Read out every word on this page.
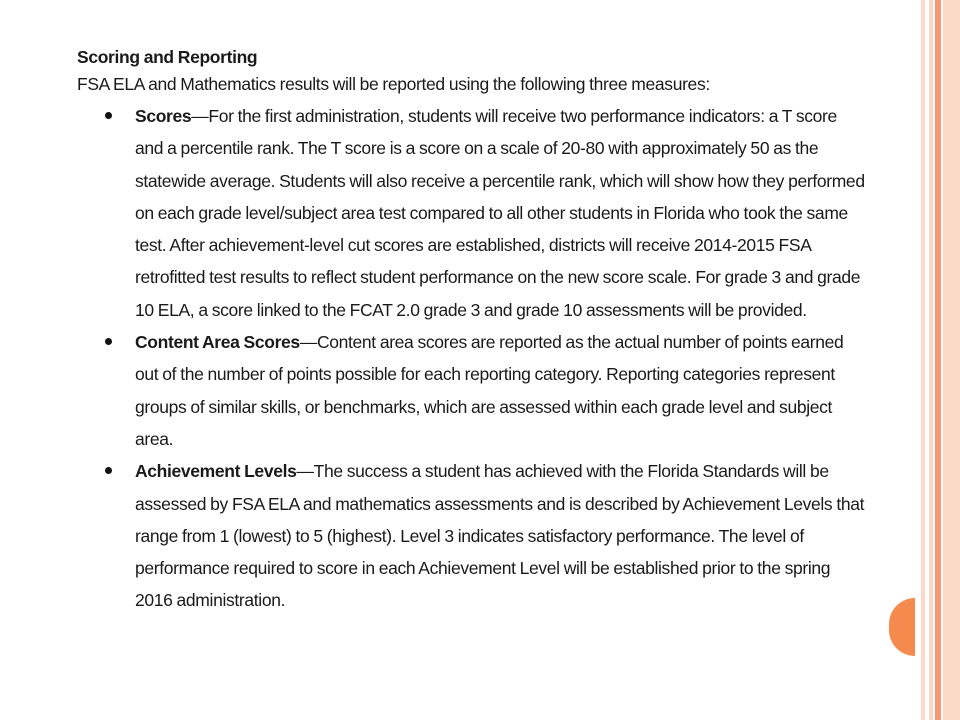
Scoring and Reporting
FSA ELA and Mathematics results will be reported using the following three measures:
Scores—For the first administration, students will receive two performance indicators: a T score and a percentile rank. The T score is a score on a scale of 20-80 with approximately 50 as the statewide average. Students will also receive a percentile rank, which will show how they performed on each grade level/subject area test compared to all other students in Florida who took the same test. After achievement-level cut scores are established, districts will receive 2014-2015 FSA retrofitted test results to reflect student performance on the new score scale. For grade 3 and grade 10 ELA, a score linked to the FCAT 2.0 grade 3 and grade 10 assessments will be provided.
Content Area Scores—Content area scores are reported as the actual number of points earned out of the number of points possible for each reporting category. Reporting categories represent groups of similar skills, or benchmarks, which are assessed within each grade level and subject area.
Achievement Levels—The success a student has achieved with the Florida Standards will be assessed by FSA ELA and mathematics assessments and is described by Achievement Levels that range from 1 (lowest) to 5 (highest). Level 3 indicates satisfactory performance. The level of performance required to score in each Achievement Level will be established prior to the spring 2016 administration.
